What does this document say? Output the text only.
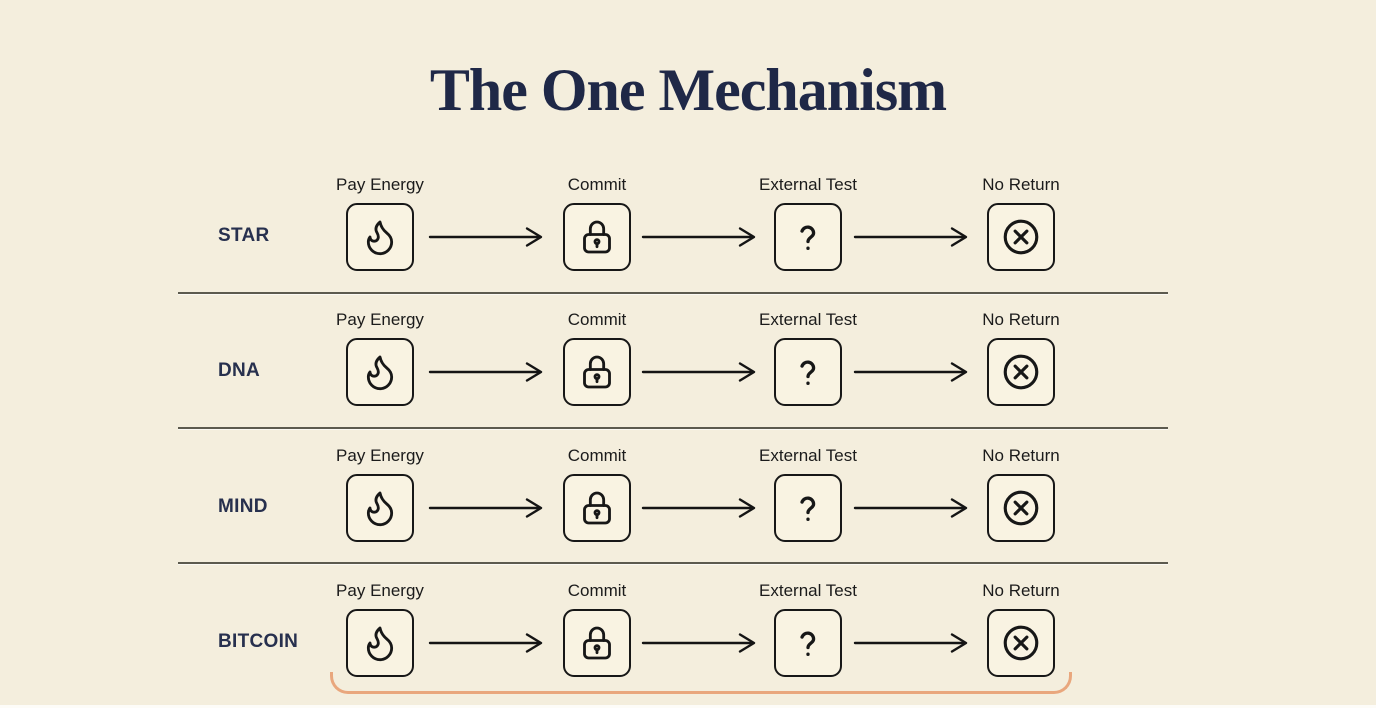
The One Mechanism
STAR
Pay Energy	Commit	External Test	No Return
DNA
Pay Energy	Commit	External Test	No Return
MIND
Pay Energy	Commit	External Test	No Return
BITCOIN
Pay Energy	Commit	External Test	No Return
